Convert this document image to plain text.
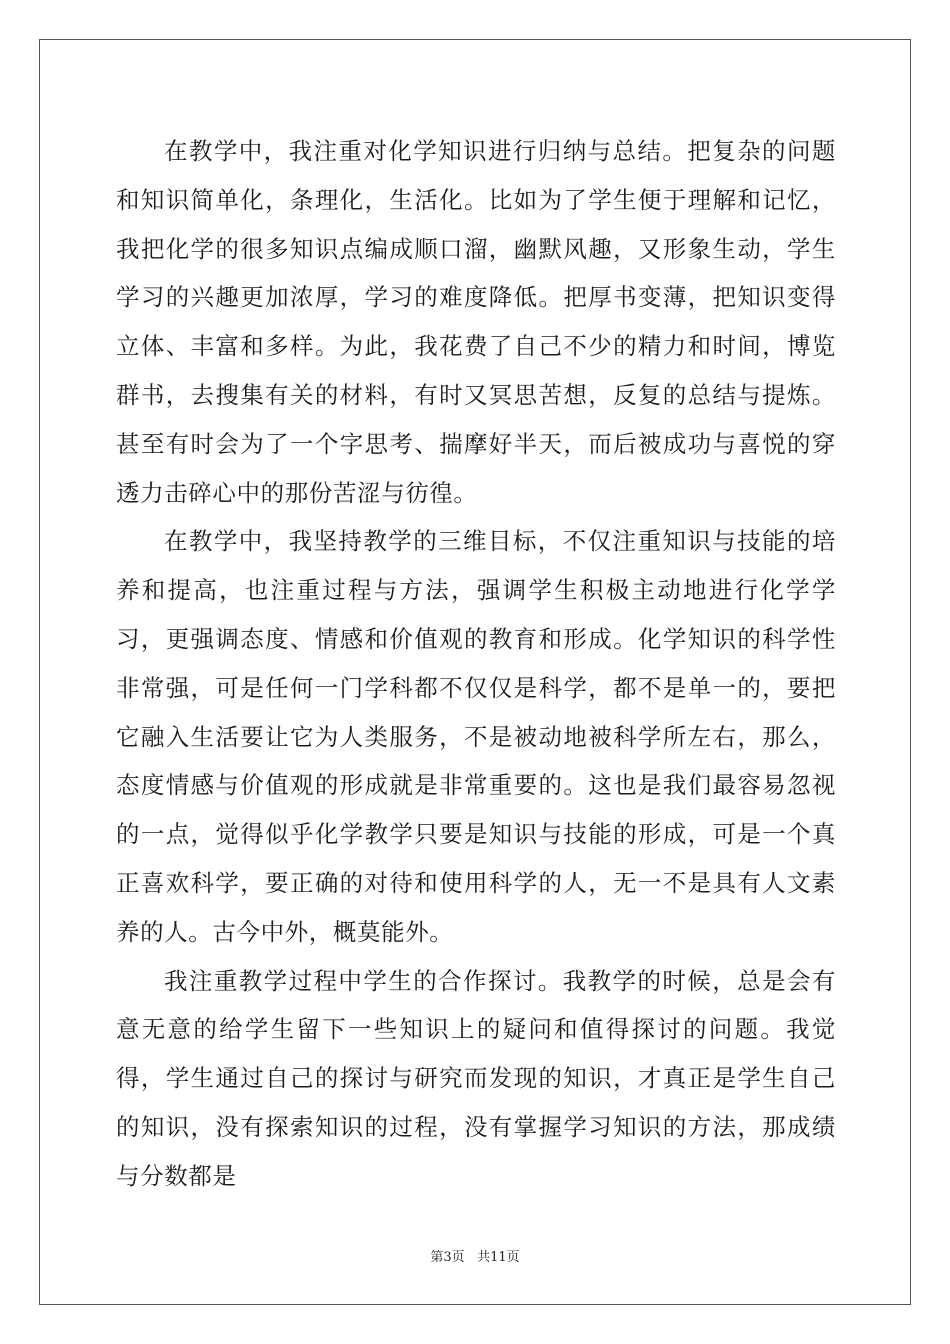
在教学中，我注重对化学知识进行归纳与总结。把复杂的问题和知识简单化，条理化，生活化。比如为了学生便于理解和记忆，我把化学的很多知识点编成顺口溜，幽默风趣，又形象生动，学生学习的兴趣更加浓厚，学习的难度降低。把厚书变薄，把知识变得立体、丰富和多样。为此，我花费了自己不少的精力和时间，博览群书，去搜集有关的材料，有时又冥思苦想，反复的总结与提炼。甚至有时会为了一个字思考、揣摩好半天，而后被成功与喜悦的穿透力击碎心中的那份苦涩与彷徨。

在教学中，我坚持教学的三维目标，不仅注重知识与技能的培养和提高，也注重过程与方法，强调学生积极主动地进行化学学习，更强调态度、情感和价值观的教育和形成。化学知识的科学性非常强，可是任何一门学科都不仅仅是科学，都不是单一的，要把它融入生活要让它为人类服务，不是被动地被科学所左右，那么，态度情感与价值观的形成就是非常重要的。这也是我们最容易忽视的一点，觉得似乎化学教学只要是知识与技能的形成，可是一个真正喜欢科学，要正确的对待和使用科学的人，无一不是具有人文素养的人。古今中外，概莫能外。

我注重教学过程中学生的合作探讨。我教学的时候，总是会有意无意的给学生留下一些知识上的疑问和值得探讨的问题。我觉得，学生通过自己的探讨与研究而发现的知识，才真正是学生自己的知识，没有探索知识的过程，没有掌握学习知识的方法，那成绩与分数都是

第3页 共11页
